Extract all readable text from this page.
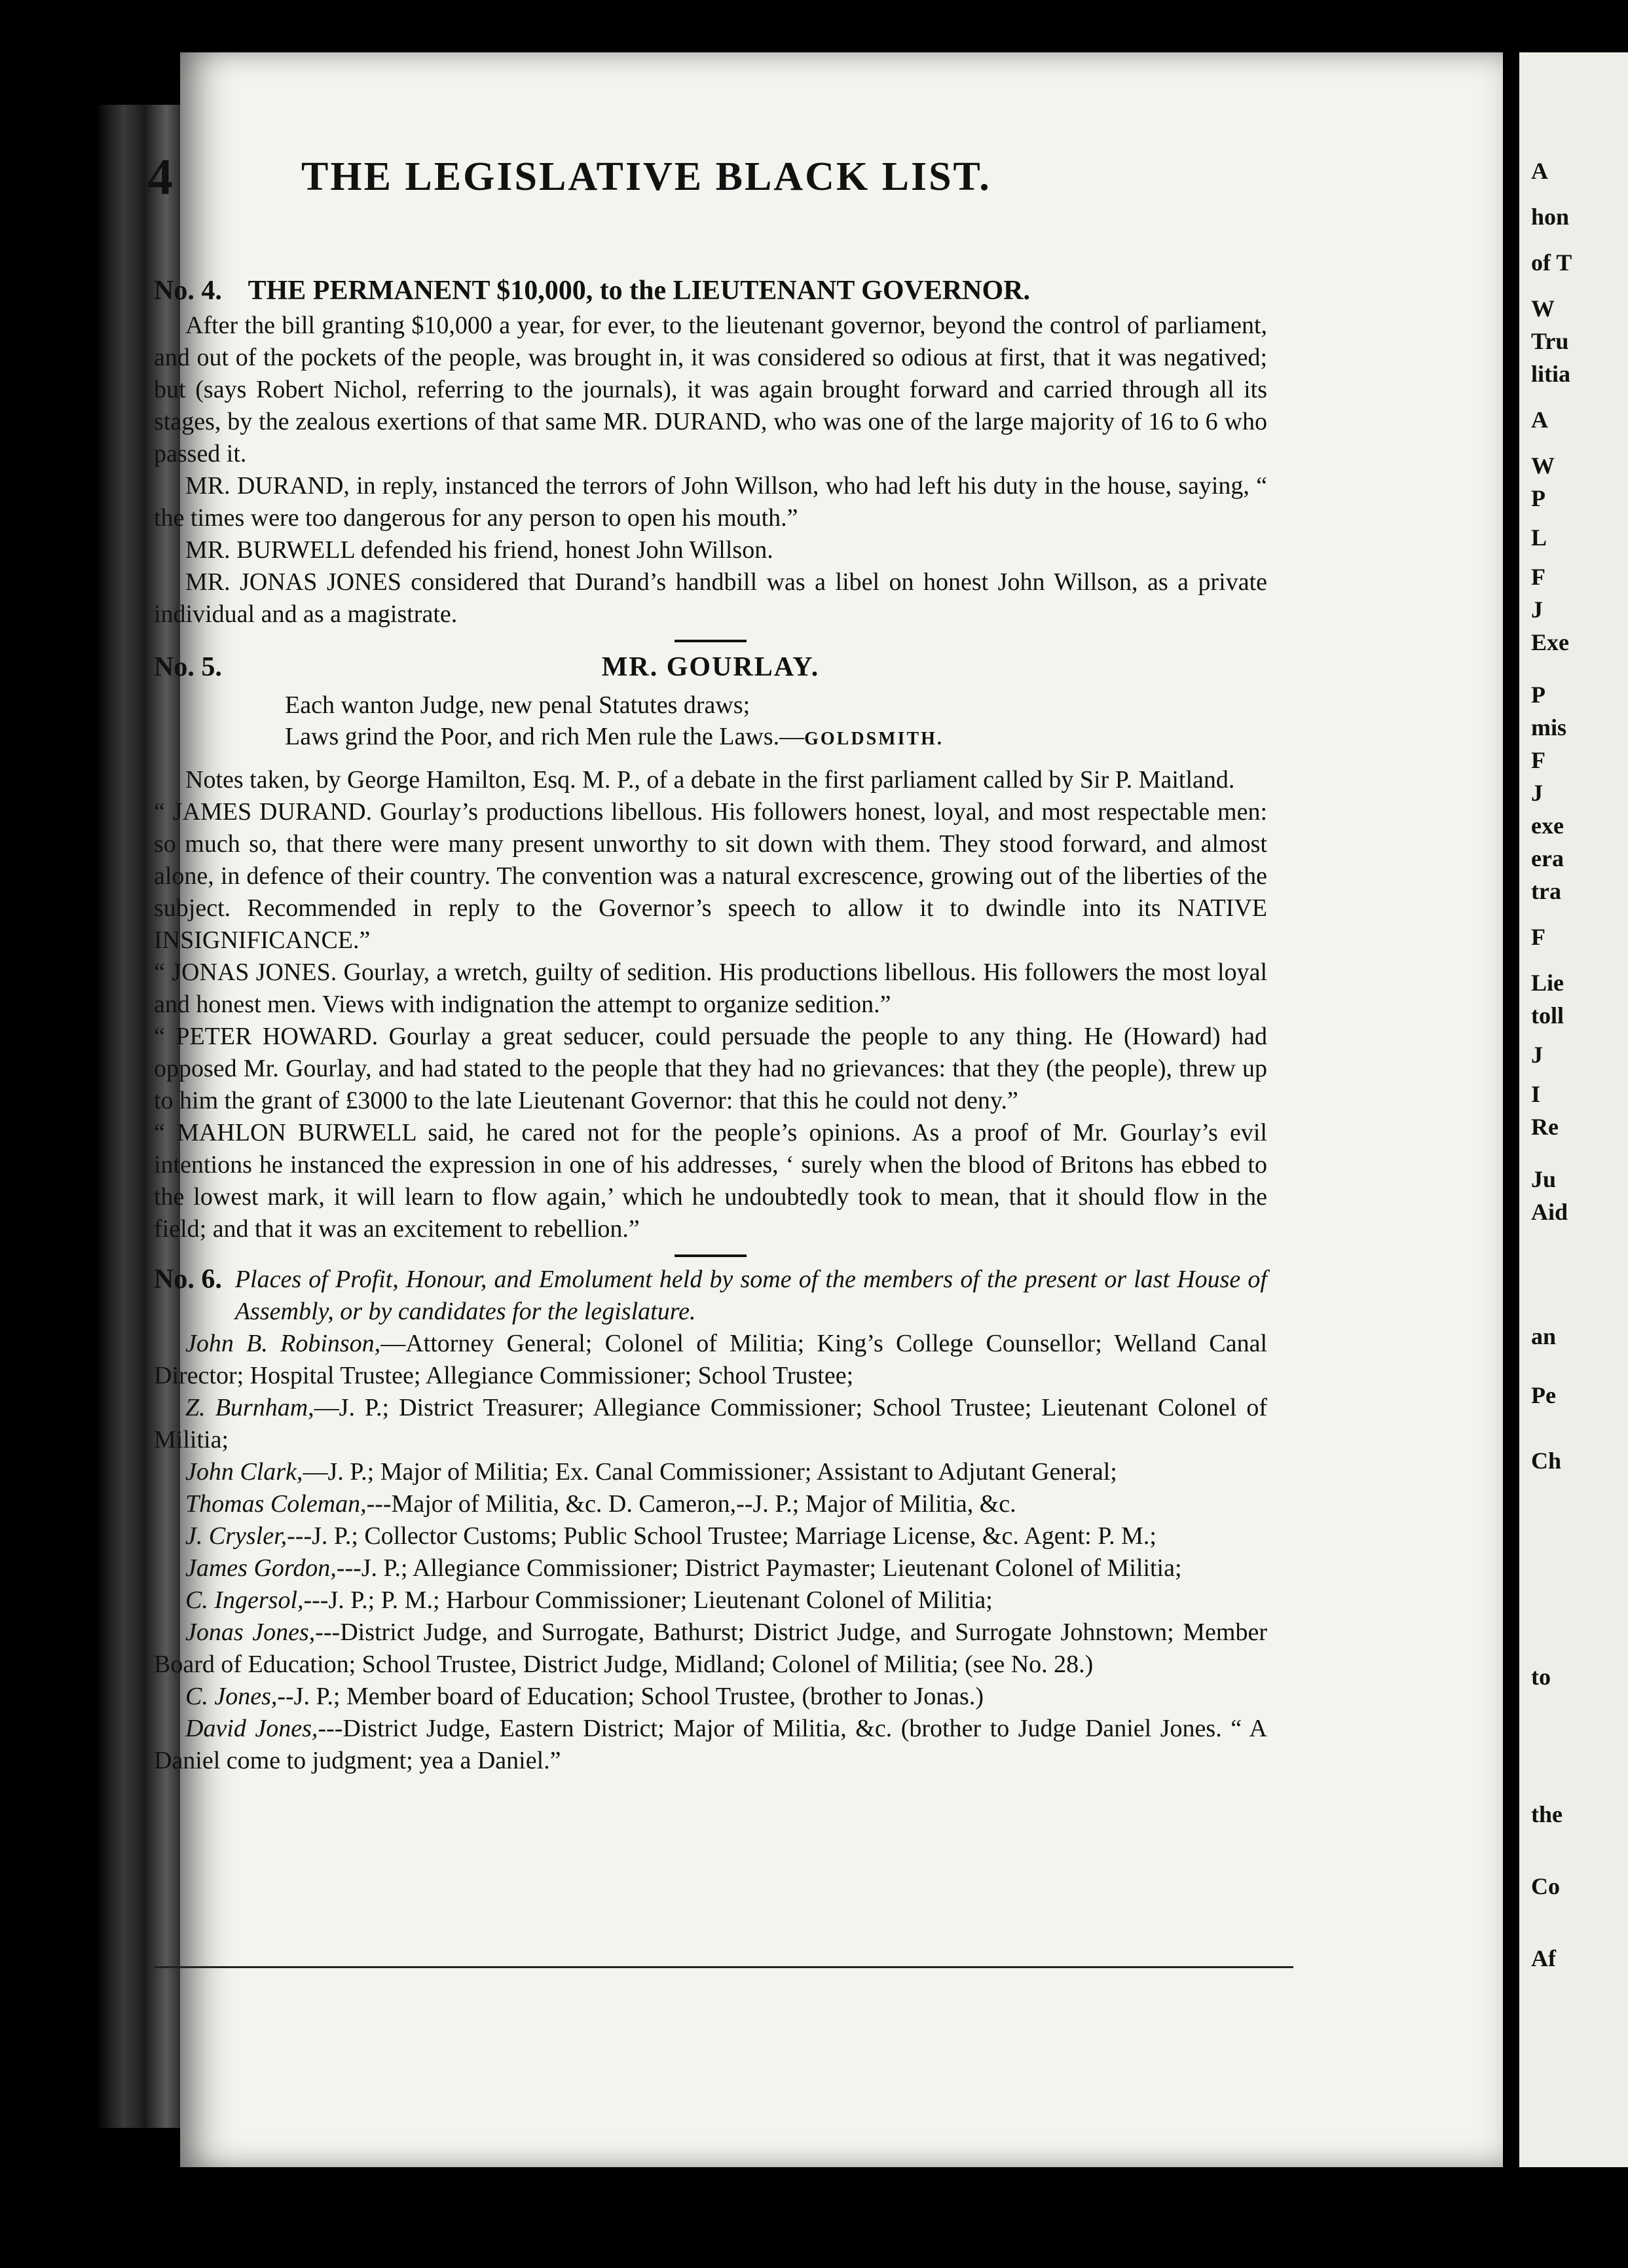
A
hon
of T
W
Tru
litia
A
W
P
L
F
J
Exe
P
mis
F
J
exe
era
tra
F
Lie
toll
J
I
Re
Ju
Aid
an
Pe
Ch
to
the
Co
Af
4	THE LEGISLATIVE BLACK LIST.
No. 4. THE PERMANENT $10,000, to the LIEUTENANT GOVERNOR.

After the bill granting $10,000 a year, for ever, to the lieutenant governor, beyond the control of parliament, and out of the pockets of the people, was brought in, it was considered so odious at first, that it was negatived; but (says Robert Nichol, referring to the journals), it was again brought forward and carried through all its stages, by the zealous exertions of that same MR. DURAND, who was one of the large majority of 16 to 6 who passed it.

MR. DURAND, in reply, instanced the terrors of John Willson, who had left his duty in the house, saying, “ the times were too dangerous for any person to open his mouth.”

MR. BURWELL defended his friend, honest John Willson.

MR. JONAS JONES considered that Durand’s handbill was a libel on honest John Willson, as a private individual and as a magistrate.

No. 5.	MR. GOURLAY.
Each wanton Judge, new penal Statutes draws;
Laws grind the Poor, and rich Men rule the Laws.—GOLDSMITH.

Notes taken, by George Hamilton, Esq. M. P., of a debate in the first parliament called by Sir P. Maitland.

“ JAMES DURAND. Gourlay’s productions libellous. His followers honest, loyal, and most respectable men: so much so, that there were many present unworthy to sit down with them. They stood forward, and almost alone, in defence of their country. The convention was a natural excrescence, growing out of the liberties of the subject. Recommended in reply to the Governor’s speech to allow it to dwindle into its NATIVE INSIGNIFICANCE.”

“ JONAS JONES. Gourlay, a wretch, guilty of sedition. His productions libellous. His followers the most loyal and honest men. Views with indignation the attempt to organize sedition.”

“ PETER HOWARD. Gourlay a great seducer, could persuade the people to any thing. He (Howard) had opposed Mr. Gourlay, and had stated to the people that they had no grievances: that they (the people), threw up to him the grant of £3000 to the late Lieutenant Governor: that this he could not deny.”

“ MAHLON BURWELL said, he cared not for the people’s opinions. As a proof of Mr. Gourlay’s evil intentions he instanced the expression in one of his addresses, ‘ surely when the blood of Britons has ebbed to the lowest mark, it will learn to flow again,’ which he undoubtedly took to mean, that it should flow in the field; and that it was an excitement to rebellion.”

No. 6. Places of Profit, Honour, and Emolument held by some of the members of the present or last House of Assembly, or by candidates for the legislature.

John B. Robinson,—Attorney General; Colonel of Militia; King’s College Counsellor; Welland Canal Director; Hospital Trustee; Allegiance Commissioner; School Trustee;

Z. Burnham,—J. P.; District Treasurer; Allegiance Commissioner; School Trustee; Lieutenant Colonel of Militia;

John Clark,—J. P.; Major of Militia; Ex. Canal Commissioner; Assistant to Adjutant General;

Thomas Coleman,---Major of Militia, &c. D. Cameron,--J. P.; Major of Militia, &c.

J. Crysler,---J. P.; Collector Customs; Public School Trustee; Marriage License, &c. Agent: P. M.;

James Gordon,---J. P.; Allegiance Commissioner; District Paymaster; Lieutenant Colonel of Militia;

C. Ingersol,---J. P.; P. M.; Harbour Commissioner; Lieutenant Colonel of Militia;

Jonas Jones,---District Judge, and Surrogate, Bathurst; District Judge, and Surrogate Johnstown; Member Board of Education; School Trustee, District Judge, Midland; Colonel of Militia; (see No. 28.)

C. Jones,--J. P.; Member board of Education; School Trustee, (brother to Jonas.)

David Jones,---District Judge, Eastern District; Major of Militia, &c. (brother to Judge Daniel Jones. “ A Daniel come to judgment; yea a Daniel.”
